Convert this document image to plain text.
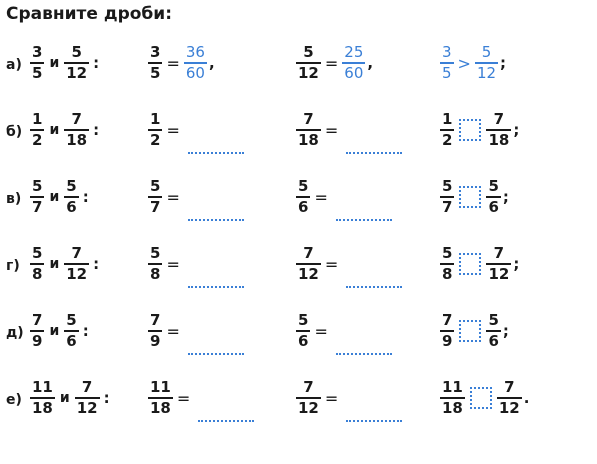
Сравните дроби:
$а) \frac{3}{5}$ и $\frac{5}{12}$ :	$\frac{3}{5} = \frac{36}{60}$ ,	$\frac{5}{12} = \frac{25}{60}$ ,	$\frac{3}{5} > \frac{5}{12}$ ;
$б) \frac{1}{2}$ и $\frac{7}{18}$ :	$\frac{1}{2}$ =	$\frac{7}{18}$ =	$\frac{1}{2} \frac{7}{18}$ ;
$в) \frac{5}{7}$ и $\frac{5}{6}$ :	$\frac{5}{7}$ =	$\frac{5}{6}$ =	$\frac{5}{7} \frac{5}{6}$ ;
$г) \frac{5}{8}$ и $\frac{7}{12}$ :	$\frac{5}{8}$ =	$\frac{7}{12}$ =	$\frac{5}{8} \frac{7}{12}$ ;
$д) \frac{7}{9}$ и $\frac{5}{6}$ :	$\frac{7}{9}$ =	$\frac{5}{6}$ =	$\frac{7}{9} \frac{5}{6}$ ;
$е) \frac{11}{18}$ и $\frac{7}{12}$ :	$\frac{11}{18}$ =	$\frac{7}{12}$ =	$\frac{11}{18} \frac{7}{12}$ .
